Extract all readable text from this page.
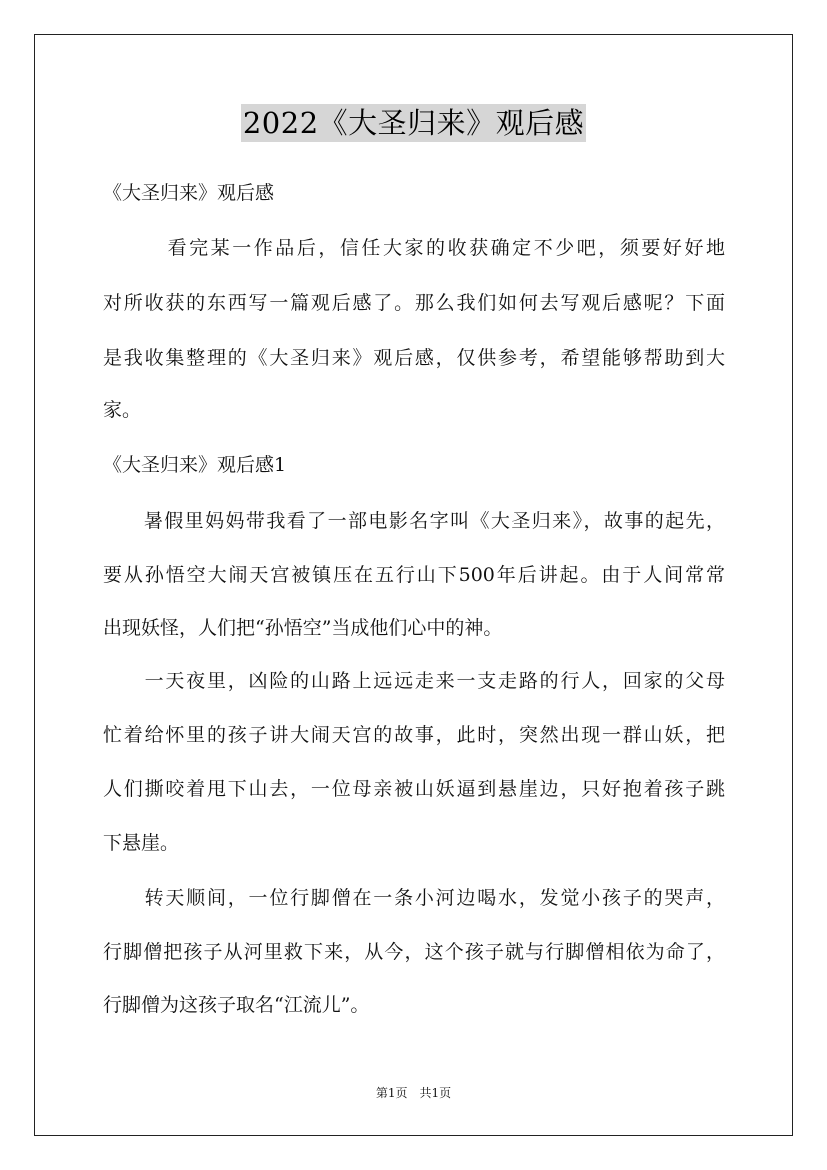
2022《大圣归来》观后感
《大圣归来》观后感
　　　看完某一作品后，信任大家的收获确定不少吧，须要好好地
对所收获的东西写一篇观后感了。那么我们如何去写观后感呢？下面
是我收集整理的《大圣归来》观后感，仅供参考，希望能够帮助到大
家。
《大圣归来》观后感1
　　暑假里妈妈带我看了一部电影名字叫《大圣归来》，故事的起先，
要从孙悟空大闹天宫被镇压在五行山下500年后讲起。由于人间常常
出现妖怪，人们把“孙悟空”当成他们心中的神。
　　一天夜里，凶险的山路上远远走来一支走路的行人，回家的父母
忙着给怀里的孩子讲大闹天宫的故事，此时，突然出现一群山妖，把
人们撕咬着甩下山去，一位母亲被山妖逼到悬崖边，只好抱着孩子跳
下悬崖。
　　转天顺间，一位行脚僧在一条小河边喝水，发觉小孩子的哭声，
行脚僧把孩子从河里救下来，从今，这个孩子就与行脚僧相依为命了，
行脚僧为这孩子取名“江流儿”。
第1页　共1页
